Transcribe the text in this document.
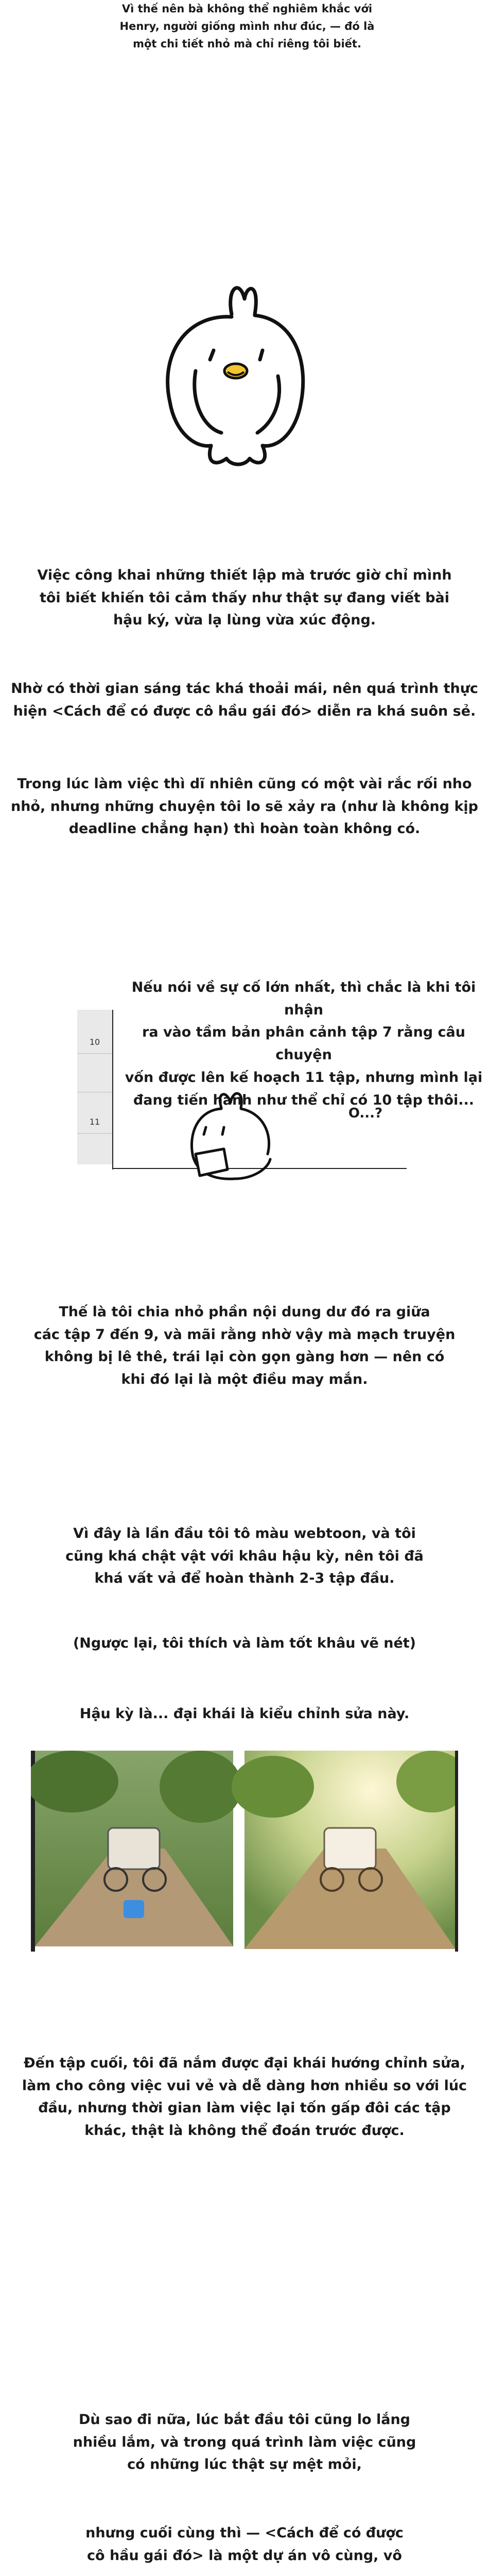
Vì thế nên bà không thể nghiêm khắc với
Henry, người giống mình như đúc, — đó là
một chi tiết nhỏ mà chỉ riêng tôi biết.

Việc công khai những thiết lập mà trước giờ chỉ mình
tôi biết khiến tôi cảm thấy như thật sự đang viết bài
hậu ký, vừa lạ lùng vừa xúc động.

Nhờ có thời gian sáng tác khá thoải mái, nên quá trình thực
hiện <Cách để có được cô hầu gái đó> diễn ra khá suôn sẻ.

Trong lúc làm việc thì dĩ nhiên cũng có một vài rắc rối nho
nhỏ, nhưng những chuyện tôi lo sẽ xảy ra (như là không kịp
deadline chẳng hạn) thì hoàn toàn không có.

10
11

Nếu nói về sự cố lớn nhất, thì chắc là khi tôi nhận
ra vào tầm bản phân cảnh tập 7 rằng câu chuyện
vốn được lên kế hoạch 11 tập, nhưng mình lại
đang tiến hành như thể chỉ có 10 tập thôi...

O...?

Thế là tôi chia nhỏ phần nội dung dư đó ra giữa
các tập 7 đến 9, và mãi rằng nhờ vậy mà mạch truyện
không bị lê thê, trái lại còn gọn gàng hơn — nên có
khi đó lại là một điều may mắn.

Vì đây là lần đầu tôi tô màu webtoon, và tôi
cũng khá chật vật với khâu hậu kỳ, nên tôi đã
khá vất vả để hoàn thành 2-3 tập đầu.

(Ngược lại, tôi thích và làm tốt khâu vẽ nét)

Hậu kỳ là... đại khái là kiểu chỉnh sửa này.

Đến tập cuối, tôi đã nắm được đại khái hướng chỉnh sửa,
làm cho công việc vui vẻ và dễ dàng hơn nhiều so với lúc
đầu, nhưng thời gian làm việc lại tốn gấp đôi các tập
khác, thật là không thể đoán trước được.

Dù sao đi nữa, lúc bắt đầu tôi cũng lo lắng
nhiều lắm, và trong quá trình làm việc cũng
có những lúc thật sự mệt mỏi,

nhưng cuối cùng thì — <Cách để có được
cô hầu gái đó> là một dự án vô cùng, vô
